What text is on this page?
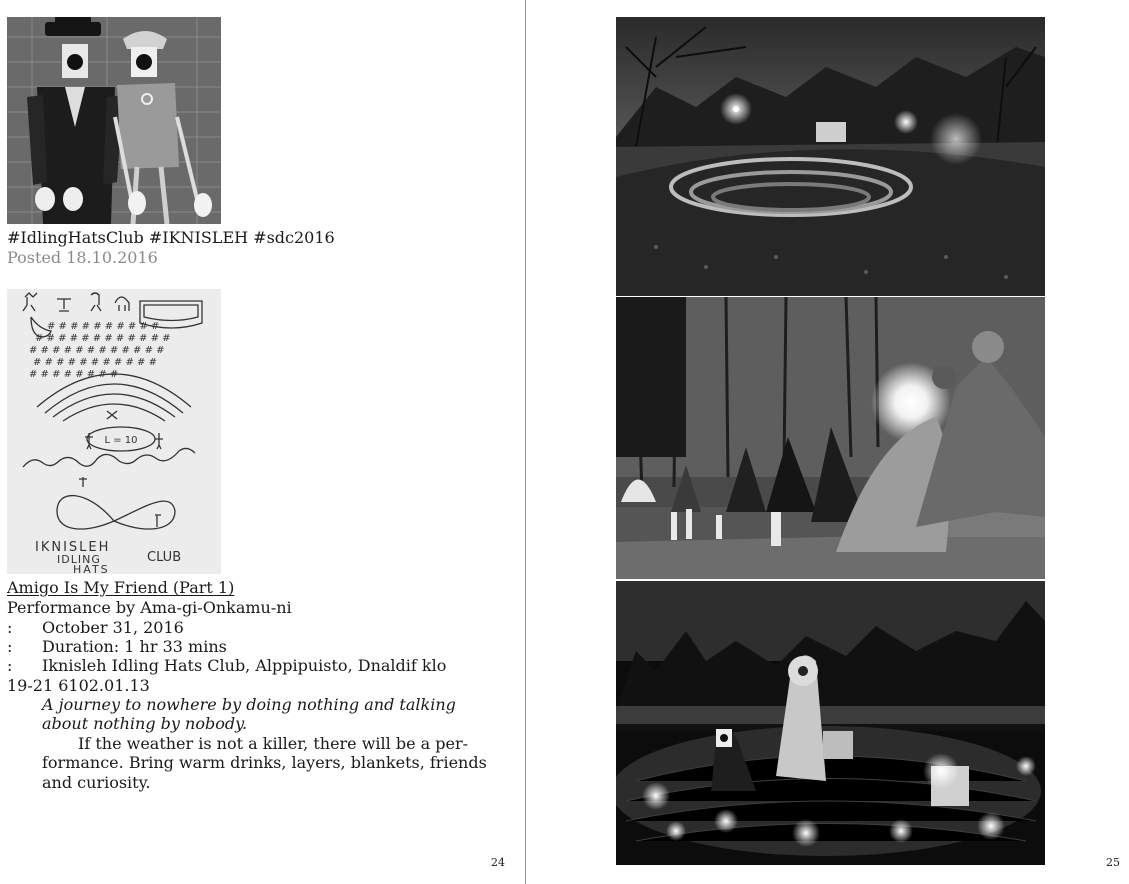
#IdlingHatsClub #IKNISLEH #sdc2016
Posted 18.10.2016
# # # # # # # # # #
# # # # # # # # # # # #
# # # # # # # # # # # #
# # # # # # # # # # #
# # # # # # # #
L = 10
IKNISLEH
IDLING
HATS
CLUB
Amigo Is My Friend (Part 1)
Performance by Ama-gi-Onkamu-ni
: October 31, 2016
: Duration: 1 hr 33 mins
: Iknisleh Idling Hats Club, Alppipuisto, Dnaldif klo
19-21 6102.01.13
A journey to nowhere by doing nothing and talking
about nothing by nobody.
If the weather is not a killer, there will be a per-
formance. Bring warm drinks, layers, blankets, friends
and curiosity.
24	25
